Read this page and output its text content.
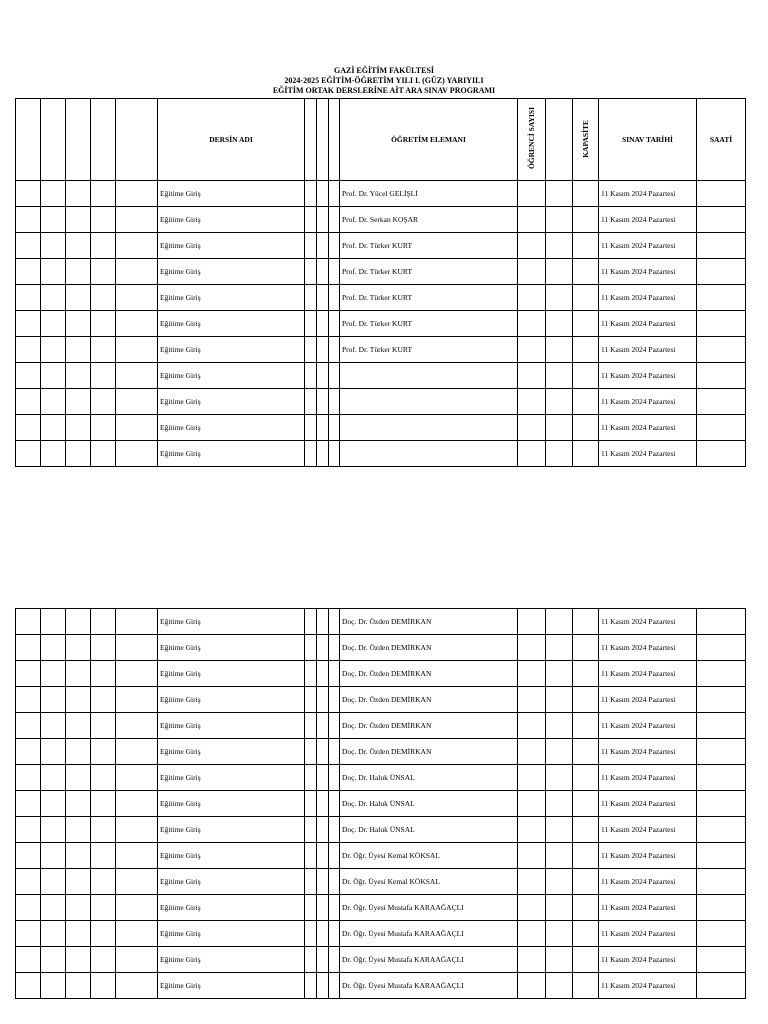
GAZİ EĞİTİM FAKÜLTESİ
2024-2025 EĞİTİM-ÖĞRETİM YILI I. (GÜZ) YARIYILI
EĞİTİM ORTAK DERSLERİNE AİT ARA SINAV PROGRAMI
					DERSİN ADI				ÖĞRETİM ELEMANI	ÖĞRENCİ SAYISI		KAPASİTE	SINAV TARİHİ	SAATİ
					Eğitime Giriş				Prof. Dr. Yücel GELİŞLİ				11 Kasım 2024 Pazartesi	
					Eğitime Giriş				Prof. Dr. Serkan KOŞAR				11 Kasım 2024 Pazartesi	
					Eğitime Giriş				Prof. Dr. Türker KURT				11 Kasım 2024 Pazartesi	
					Eğitime Giriş				Prof. Dr. Türker KURT				11 Kasım 2024 Pazartesi	
					Eğitime Giriş				Prof. Dr. Türker KURT				11 Kasım 2024 Pazartesi	
					Eğitime Giriş				Prof. Dr. Türker KURT				11 Kasım 2024 Pazartesi	
					Eğitime Giriş				Prof. Dr. Türker KURT				11 Kasım 2024 Pazartesi	
					Eğitime Giriş								11 Kasım 2024 Pazartesi	
					Eğitime Giriş								11 Kasım 2024 Pazartesi	
					Eğitime Giriş								11 Kasım 2024 Pazartesi	
					Eğitime Giriş								11 Kasım 2024 Pazartesi	
					Eğitime Giriş				Doç. Dr. Özden DEMİRKAN				11 Kasım 2024 Pazartesi	
					Eğitime Giriş				Doç. Dr. Özden DEMİRKAN				11 Kasım 2024 Pazartesi	
					Eğitime Giriş				Doç. Dr. Özden DEMİRKAN				11 Kasım 2024 Pazartesi	
					Eğitime Giriş				Doç. Dr. Özden DEMİRKAN				11 Kasım 2024 Pazartesi	
					Eğitime Giriş				Doç. Dr. Özden DEMİRKAN				11 Kasım 2024 Pazartesi	
					Eğitime Giriş				Doç. Dr. Özden DEMİRKAN				11 Kasım 2024 Pazartesi	
					Eğitime Giriş				Doç. Dr. Haluk ÜNSAL				11 Kasım 2024 Pazartesi	
					Eğitime Giriş				Doç. Dr. Haluk ÜNSAL				11 Kasım 2024 Pazartesi	
					Eğitime Giriş				Doç. Dr. Haluk ÜNSAL				11 Kasım 2024 Pazartesi	
					Eğitime Giriş				Dr. Öğr. Üyesi Kemal KÖKSAL				11 Kasım 2024 Pazartesi	
					Eğitime Giriş				Dr. Öğr. Üyesi Kemal KÖKSAL				11 Kasım 2024 Pazartesi	
					Eğitime Giriş				Dr. Öğr. Üyesi Mustafa KARAAĞAÇLI				11 Kasım 2024 Pazartesi	
					Eğitime Giriş				Dr. Öğr. Üyesi Mustafa KARAAĞAÇLI				11 Kasım 2024 Pazartesi	
					Eğitime Giriş				Dr. Öğr. Üyesi Mustafa KARAAĞAÇLI				11 Kasım 2024 Pazartesi	
					Eğitime Giriş				Dr. Öğr. Üyesi Mustafa KARAAĞAÇLI				11 Kasım 2024 Pazartesi	
